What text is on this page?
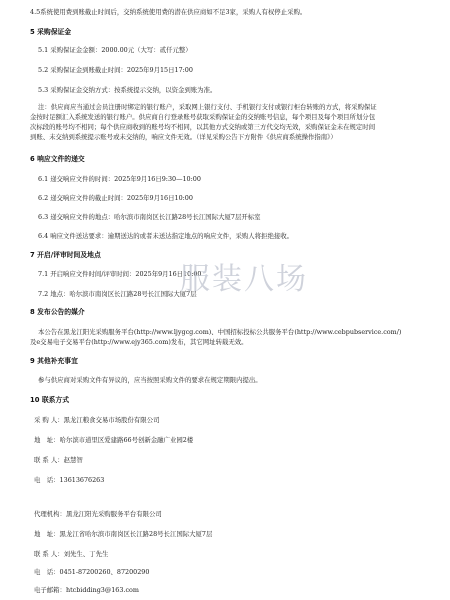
4.5系统使用费到账截止时间后，交纳系统使用费的潜在供应商如不足3家，采购人有权停止采购。
5 采购保证金
5.1 采购保证金金额：2000.00元（大写：贰仟元整）
5.2 采购保证金到账截止时间：2025年9月15日17:00
5.3 采购保证金交纳方式：按系统提示交纳，以资金到账为准。
注：供应商应当通过会员注册时绑定的银行账户，采取网上银行支付、手机银行支付或银行柜台转账的方式，将采购保证
金按时足额汇入系统发送的银行账户。供应商自行登录账号获取采购保证金的交纳账号信息，每个项目及每个项目所划分包
次标段的账号均不相同；每个供应商收到的账号均不相同，以其他方式交纳或第三方代交均无效，采购保证金未在规定时间
到账、未交纳到系统提示账号或未交纳的，响应文件无效。（详见采购公告下方附件《供应商系统操作指南》）
6 响应文件的递交
6.1 递交响应文件的时间：2025年9月16日9:30—10:00
6.2 递交响应文件的截止时间：2025年9月16日10:00
6.3 递交响应文件的地点：哈尔滨市南岗区长江路28号长江国际大厦7层开标室
6.4 响应文件送达要求：逾期送达的或者未送达指定地点的响应文件，采购人将拒绝接收。
7 开启/评审时间及地点
7.1 开启响应文件时间/评审时间：2025年9月16日10:00
7.2 地点：哈尔滨市南岗区长江路28号长江国际大厦7层
服装八场
8 发布公告的媒介
本公告在黑龙江阳光采购服务平台(http://www.ljygcg.com)、中国招标投标公共服务平台(http://www.cebpubservice.com/)
及e交易电子交易平台(http://www.ejy365.com)发布，其它网址转载无效。
9 其他补充事宜
参与供应商对采购文件有异议的，应当按照采购文件的要求在规定期限内提出。
10 联系方式
采 购 人：黑龙江粮食交易市场股份有限公司
地　址：哈尔滨市道里区爱建路66号创新金融广业园2楼
联 系 人：赵慧智
电　话：13613676263
代理机构：黑龙江阳光采购服务平台有限公司
地　址：黑龙江省哈尔滨市南岗区长江路28号长江国际大厦7层
联 系 人：刘先生、丁先生
电　话：0451-87200260、87200290
电子邮箱：htcbidding3@163.com
